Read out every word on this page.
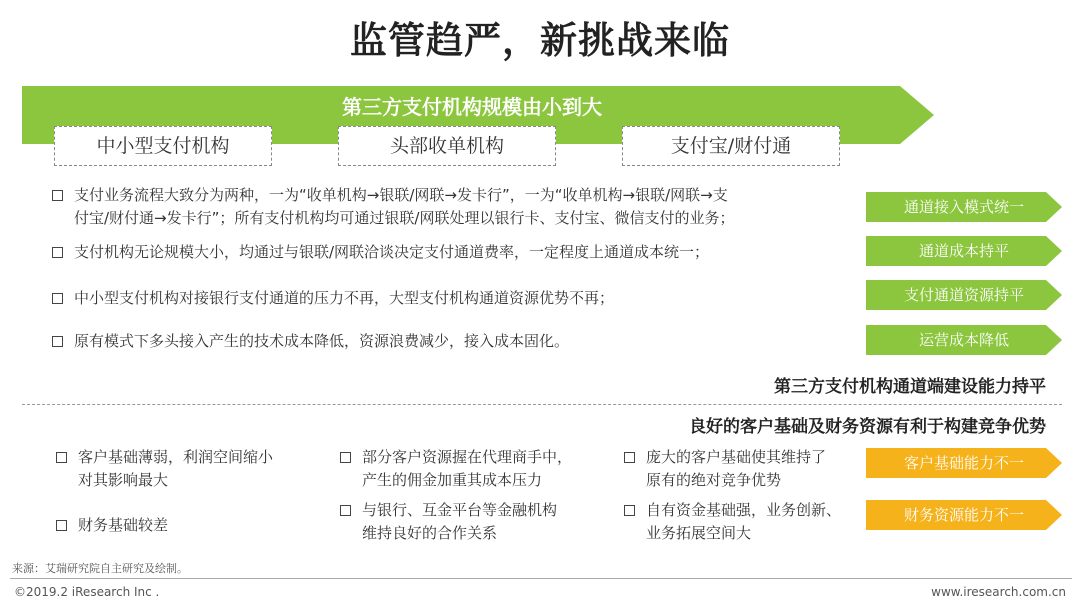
监管趋严，新挑战来临
第三方支付机构规模由小到大
中小型支付机构	头部收单机构	支付宝/财付通
支付业务流程大致分为两种，一为“收单机构→银联/网联→发卡行”，一为“收单机构→银联/网联→支
付宝/财付通→发卡行”；所有支付机构均可通过银联/网联处理以银行卡、支付宝、微信支付的业务；
支付机构无论规模大小，均通过与银联/网联洽谈决定支付通道费率，一定程度上通道成本统一；
中小型支付机构对接银行支付通道的压力不再，大型支付机构通道资源优势不再；
原有模式下多头接入产生的技术成本降低，资源浪费减少，接入成本固化。
通道接入模式统一
通道成本持平
支付通道资源持平
运营成本降低
第三方支付机构通道端建设能力持平
良好的客户基础及财务资源有利于构建竞争优势
客户基础薄弱，利润空间缩小
对其影响最大
财务基础较差
部分客户资源握在代理商手中，
产生的佣金加重其成本压力
与银行、互金平台等金融机构
维持良好的合作关系
庞大的客户基础使其维持了
原有的绝对竞争优势
自有资金基础强，业务创新、
业务拓展空间大
客户基础能力不一
财务资源能力不一
来源：艾瑞研究院自主研究及绘制。
©2019.2 iResearch Inc .	www.iresearch.com.cn
